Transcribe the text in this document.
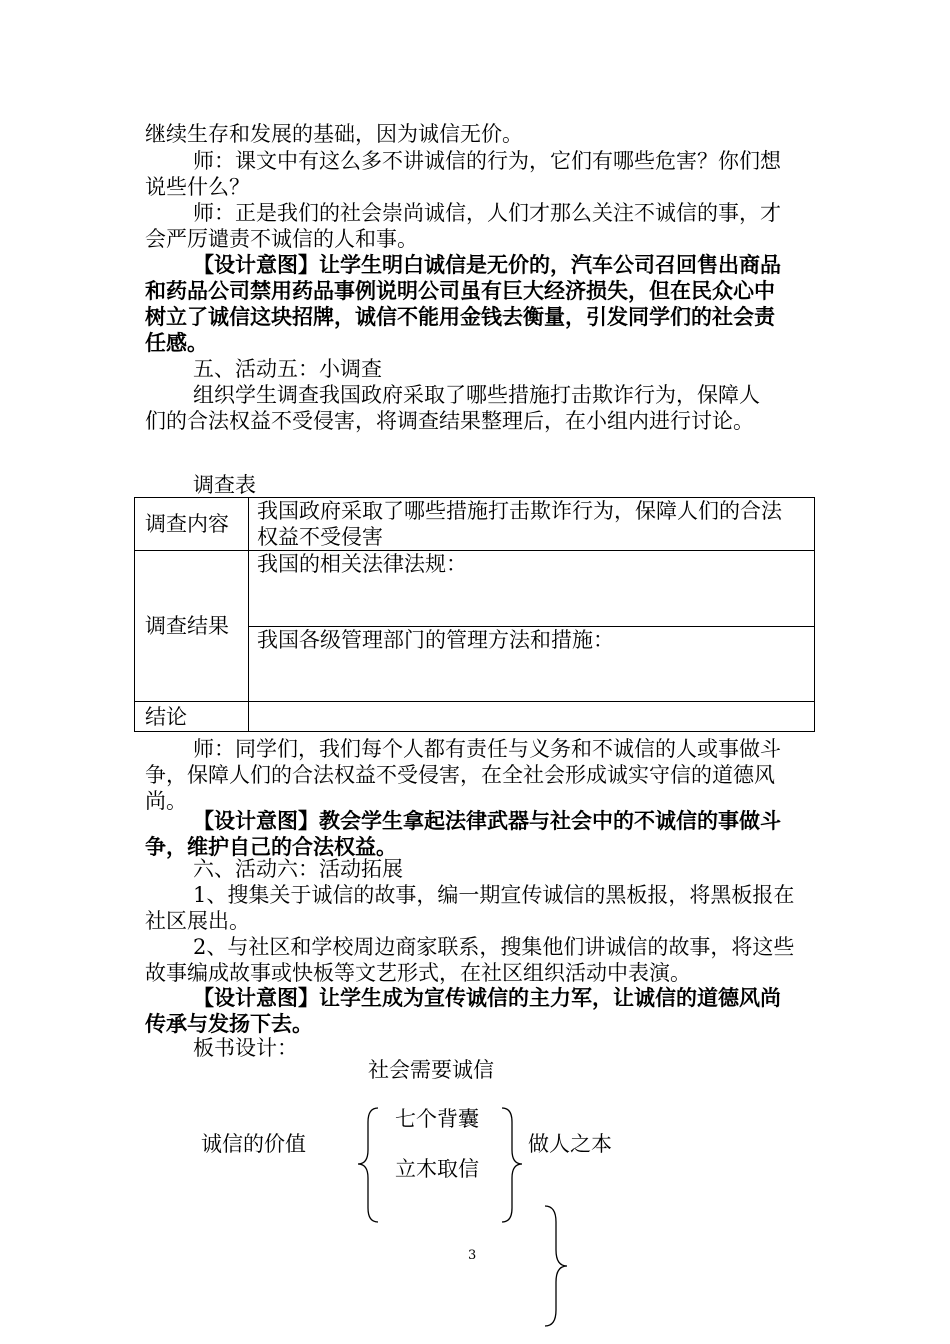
继续生存和发展的基础，因为诚信无价。
师：课文中有这么多不讲诚信的行为，它们有哪些危害？你们想
说些什么？
师：正是我们的社会崇尚诚信，人们才那么关注不诚信的事，才
会严厉谴责不诚信的人和事。
【设计意图】让学生明白诚信是无价的，汽车公司召回售出商品
和药品公司禁用药品事例说明公司虽有巨大经济损失，但在民众心中
树立了诚信这块招牌，诚信不能用金钱去衡量，引发同学们的社会责
任感。
五、活动五：小调查
组织学生调查我国政府采取了哪些措施打击欺诈行为，保障人
们的合法权益不受侵害，将调查结果整理后，在小组内进行讨论。
调查表
调查内容	我国政府采取了哪些措施打击欺诈行为，保障人们的合法
权益不受侵害

调查结果	我国的相关法律法规：
	我国各级管理部门的管理方法和措施：
结论	
师：同学们，我们每个人都有责任与义务和不诚信的人或事做斗
争，保障人们的合法权益不受侵害，在全社会形成诚实守信的道德风
尚。
【设计意图】教会学生拿起法律武器与社会中的不诚信的事做斗
争，维护自己的合法权益。
六、活动六：活动拓展
1、搜集关于诚信的故事，编一期宣传诚信的黑板报，将黑板报在
社区展出。
2、与社区和学校周边商家联系，搜集他们讲诚信的故事，将这些
故事编成故事或快板等文艺形式，在社区组织活动中表演。
【设计意图】让学生成为宣传诚信的主力军，让诚信的道德风尚
传承与发扬下去。
板书设计：
社会需要诚信
诚信的价值
七个背囊
立木取信
做人之本
3
